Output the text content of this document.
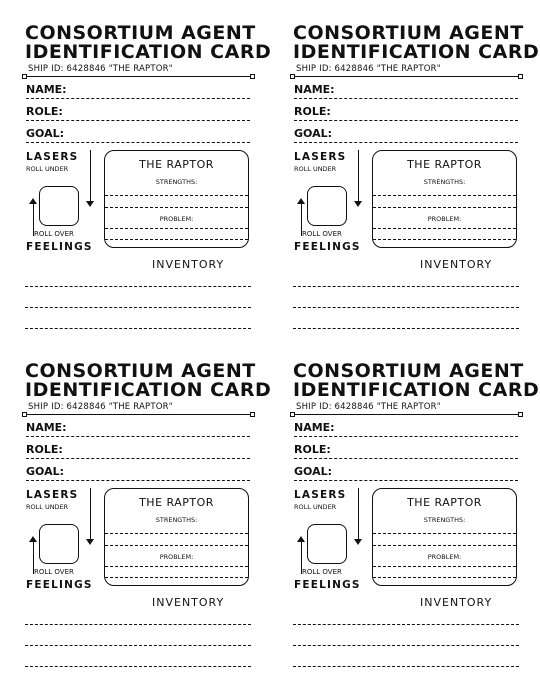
CONSORTIUM AGENT
IDENTIFICATION CARD
SHIP ID: 6428846 "THE RAPTOR"
NAME:
ROLE:
GOAL:
LASERS
ROLL UNDER
ROLL OVER
FEELINGS
THE RAPTOR
STRENGTHS:
PROBLEM:
INVENTORY
CONSORTIUM AGENT
IDENTIFICATION CARD
SHIP ID: 6428846 "THE RAPTOR"
NAME:
ROLE:
GOAL:
LASERS
ROLL UNDER
ROLL OVER
FEELINGS
THE RAPTOR
STRENGTHS:
PROBLEM:
INVENTORY
CONSORTIUM AGENT
IDENTIFICATION CARD
SHIP ID: 6428846 "THE RAPTOR"
NAME:
ROLE:
GOAL:
LASERS
ROLL UNDER
ROLL OVER
FEELINGS
THE RAPTOR
STRENGTHS:
PROBLEM:
INVENTORY
CONSORTIUM AGENT
IDENTIFICATION CARD
SHIP ID: 6428846 "THE RAPTOR"
NAME:
ROLE:
GOAL:
LASERS
ROLL UNDER
ROLL OVER
FEELINGS
THE RAPTOR
STRENGTHS:
PROBLEM:
INVENTORY
